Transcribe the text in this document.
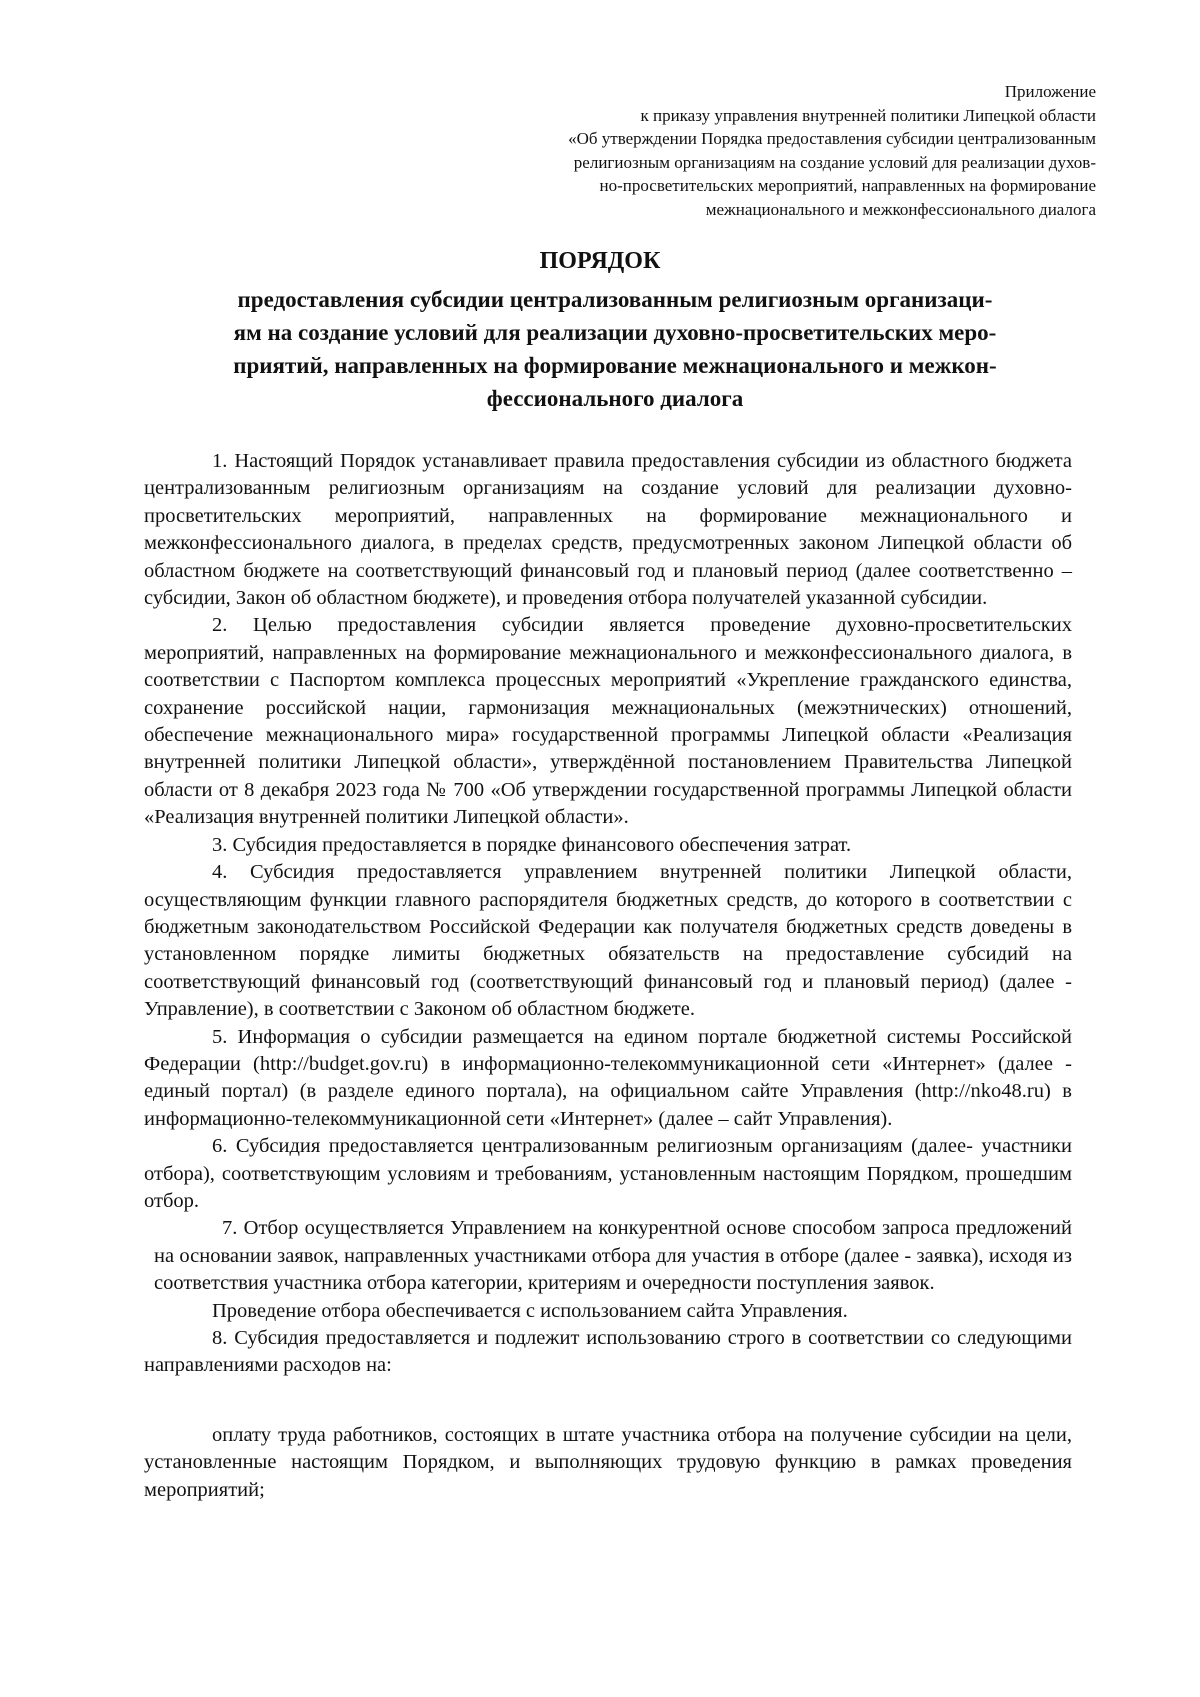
Приложение
к приказу управления внутренней политики Липецкой области
«Об утверждении Порядка предоставления субсидии централизованным
религиозным организациям на создание условий для реализации духов-
но-просветительских мероприятий, направленных на формирование
межнационального и межконфессионального диалога
ПОРЯДОК
предоставления субсидии централизованным религиозным организаци-
ям на создание условий для реализации духовно-просветительских меро-
приятий, направленных на формирование межнационального и межкон-
фессионального диалога

1. Настоящий Порядок устанавливает правила предоставления субсидии из областного бюджета централизованным религиозным организациям на создание условий для реализации духовно-просветительских мероприятий, направленных на формирование межнационального и межконфессионального диалога, в пределах средств, предусмотренных законом Липецкой области об областном бюджете на соответствующий финансовый год и плановый период (далее соответственно – субсидии, Закон об областном бюджете), и проведения отбора получателей указанной субсидии.

2. Целью предоставления субсидии является проведение духовно-просветительских мероприятий, направленных на формирование межнационального и межконфессионального диалога, в соответствии с Паспортом комплекса процессных мероприятий «Укрепление гражданского единства, сохранение российской нации, гармонизация межнациональных (межэтнических) отношений, обеспечение межнационального мира» государственной программы Липецкой области «Реализация внутренней политики Липецкой области», утверждённой постановлением Правительства Липецкой области от 8 декабря 2023 года № 700 «Об утверждении государственной программы Липецкой области «Реализация внутренней политики Липецкой области».

3. Субсидия предоставляется в порядке финансового обеспечения затрат.

4. Субсидия предоставляется управлением внутренней политики Липецкой области, осуществляющим функции главного распорядителя бюджетных средств, до которого в соответствии с бюджетным законодательством Российской Федерации как получателя бюджетных средств доведены в установленном порядке лимиты бюджетных обязательств на предоставление субсидий на соответствующий финансовый год (соответствующий финансовый год и плановый период) (далее - Управление), в соответствии с Законом об областном бюджете.

5. Информация о субсидии размещается на едином портале бюджетной системы Российской Федерации (http://budget.gov.ru) в информационно-телекоммуникационной сети «Интернет» (далее - единый портал) (в разделе единого портала), на официальном сайте Управления (http://nko48.ru) в информационно-телекоммуникационной сети «Интернет» (далее – сайт Управления).

6. Субсидия предоставляется централизованным религиозным организациям (далее- участники отбора), соответствующим условиям и требованиям, установленным настоящим Порядком, прошедшим отбор.

7. Отбор осуществляется Управлением на конкурентной основе способом запроса предложений на основании заявок, направленных участниками отбора для участия в отборе (далее - заявка), исходя из соответствия участника отбора категории, критериям и очередности поступления заявок.

Проведение отбора обеспечивается с использованием сайта Управления.

8. Субсидия предоставляется и подлежит использованию строго в соответствии со следующими направлениями расходов на:

оплату труда работников, состоящих в штате участника отбора на получение субсидии на цели, установленные настоящим Порядком, и выполняющих трудовую функцию в рамках проведения мероприятий;
